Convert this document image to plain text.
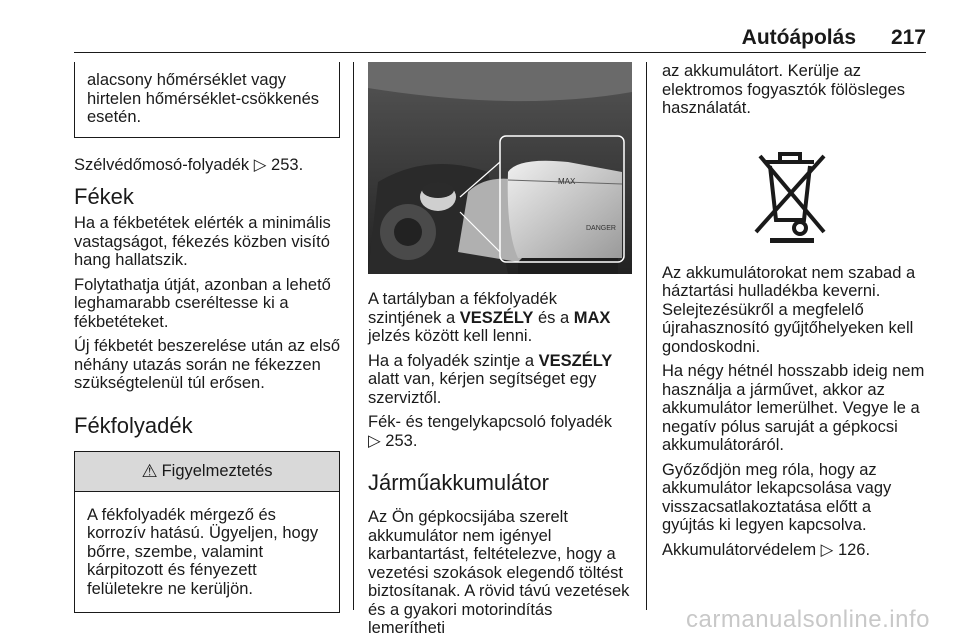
Autóápolás 217
alacsony hőmérséklet vagy hirtelen hőmérséklet-csökkenés esetén.

Szélvédőmosó-folyadék ▷ 253.

Fékek

Ha a fékbetétek elérték a minimális vastagságot, fékezés közben visító hang hallatszik.

Folytathatja útját, azonban a lehető leghamarabb cseréltesse ki a fékbetéteket.

Új fékbetét beszerelése után az első néhány utazás során ne fékezzen szükségtelenül túl erősen.

Fékfolyadék
⚠ Figyelmeztetés
A fékfolyadék mérgező és korrozív hatású. Ügyeljen, hogy bőrre, szembe, valamint kárpitozott és fényezett felületekre ne kerüljön.
MAX
DANGER

A tartályban a fékfolyadék szintjének a VESZÉLY és a MAX jelzés között kell lenni.

Ha a folyadék szintje a VESZÉLY alatt van, kérjen segítséget egy szerviztől.

Fék- és tengelykapcsoló folyadék
▷ 253.

Járműakkumulátor

Az Ön gépkocsijába szerelt akkumulátor nem igényel karbantartást, feltételezve, hogy a vezetési szokások elegendő töltést biztosítanak. A rövid távú vezetések és a gyakori motorindítás lemerítheti

az akkumulátort. Kerülje az elektromos fogyasztók fölösleges használatát.

Az akkumulátorokat nem szabad a háztartási hulladékba keverni. Selejtezésükről a megfelelő újrahasznosító gyűjtőhelyeken kell gondoskodni.

Ha négy hétnél hosszabb ideig nem használja a járművet, akkor az akkumulátor lemerülhet. Vegye le a negatív pólus saruját a gépkocsi akkumulátoráról.

Győződjön meg róla, hogy az akkumulátor lekapcsolása vagy visszacsatlakoztatása előtt a gyújtás ki legyen kapcsolva.

Akkumulátorvédelem ▷ 126.

carmanualsonline.info
